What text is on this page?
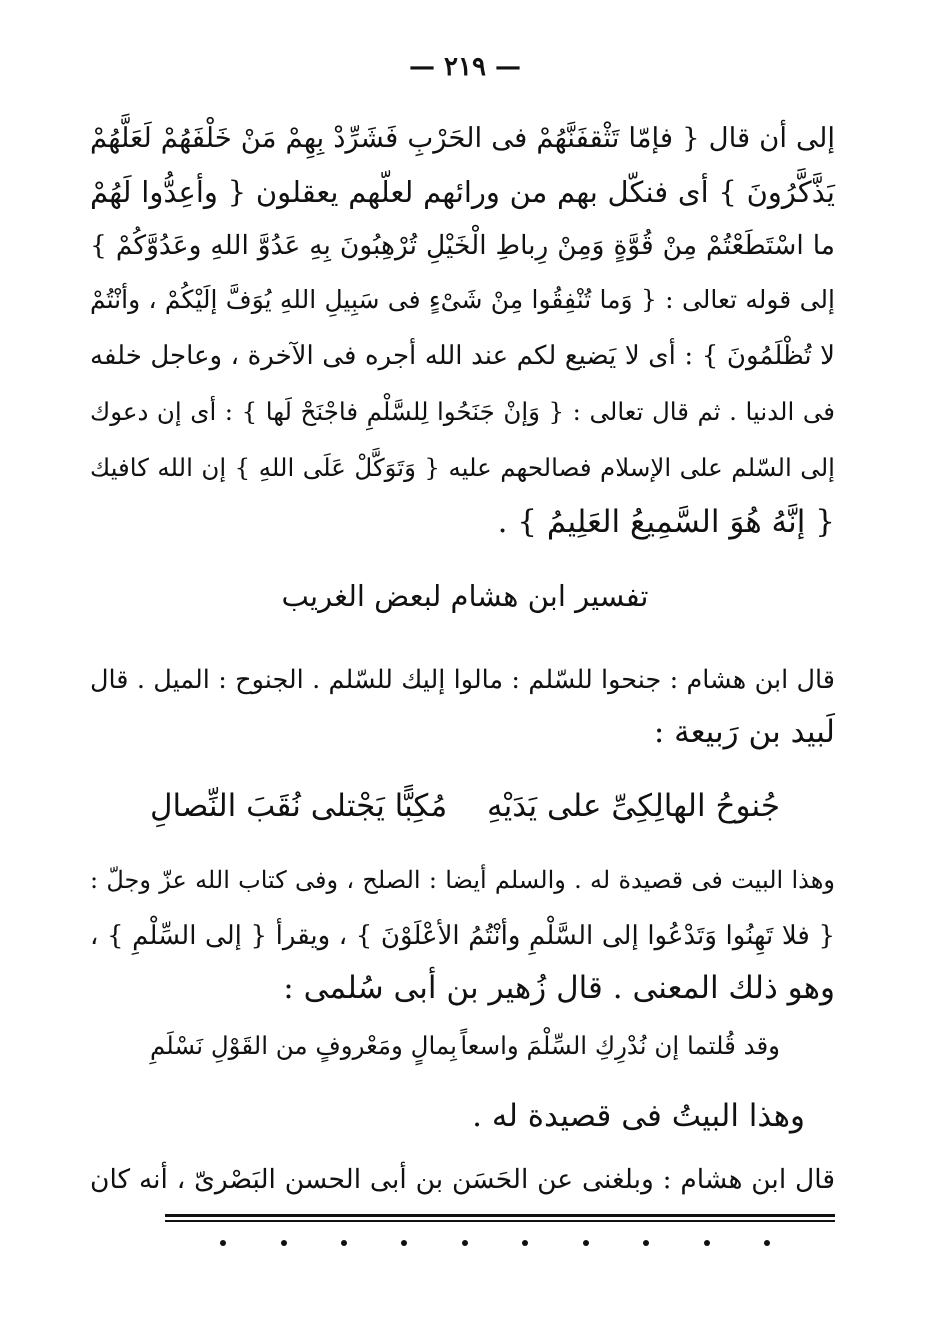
— ٢١٩ —
إلى أن قال { فإمّا تَثْقفَنَّهُمْ فى الحَرْبِ فَشَرِّدْ بِهِمْ مَنْ خَلْفَهُمْ لَعَلَّهُمْ
يَذَّكَّرُونَ } أى فنكّل بهم من ورائهم لعلّهم يعقلون { وأعِدُّوا لَهُمْ
ما اسْتَطَعْتُمْ مِنْ قُوَّةٍ وَمِنْ رِباطِ الْخَيْلِ تُرْهِبُونَ بِهِ عَدُوَّ اللهِ وعَدُوَّكُمْ }
إلى قوله تعالى : { وَما تُنْفِقُوا مِنْ شَىْءٍ فى سَبِيلِ اللهِ يُوَفَّ إلَيْكُمْ ، وأنْتُمْ
لا تُظْلَمُونَ } : أى لا يَضيع لكم عند الله أجره فى الآخرة ، وعاجل خلفه
فى الدنيا . ثم قال تعالى : { وَإنْ جَنَحُوا لِلسَّلْمِ فاجْنَحْ لَها } : أى إن دعوك
إلى السّلم على الإسلام فصالحهم عليه { وَتَوَكَّلْ عَلَى اللهِ } إن الله كافيك
{ إنَّهُ هُوَ السَّمِيعُ العَلِيمُ } .
تفسير ابن هشام لبعض الغريب
قال ابن هشام : جنحوا للسّلم : مالوا إليك للسّلم . الجنوح : الميل . قال
لَبيد بن رَبيعة :
جُنوحُ الهالِكِىِّ على يَدَيْهِ
مُكِبًّا يَجْتلى نُقَبَ النِّصالِ
وهذا البيت فى قصيدة له . والسلم أيضا : الصلح ، وفى كتاب الله عزّ وجلّ :
{ فلا تَهِنُوا وَتَدْعُوا إلى السَّلْمِ وأنْتُمُ الأعْلَوْنَ } ، ويقرأ { إلى السِّلْمِ } ،
وهو ذلك المعنى . قال زُهير بن أبى سُلمى :
وقد قُلتما إن نُدْرِكِ السِّلْمَ واسعاً
بِمالٍ ومَعْروفٍ من القَوْلِ نَسْلَمِ
وهذا البيتُ فى قصيدة له .
قال ابن هشام : وبلغنى عن الحَسَن بن أبى الحسن البَصْرىّ ، أنه كان
